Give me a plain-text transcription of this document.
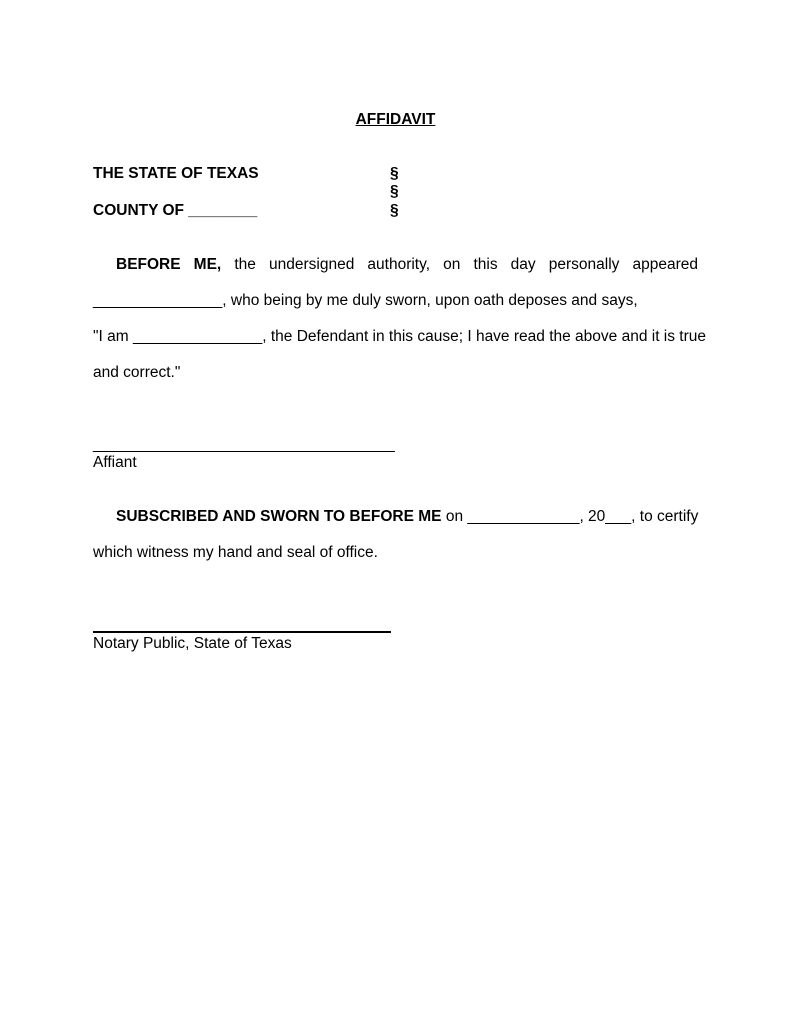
AFFIDAVIT
THE STATE OF TEXAS
COUNTY OF ________
§
§
§
BEFORE ME, the undersigned authority, on this day personally appeared
_______________, who being by me duly sworn, upon oath deposes and says,
"I am _______________, the Defendant in this cause; I have read the above and it is true
and correct."
___________________________________
Affiant
SUBSCRIBED AND SWORN TO BEFORE ME on _____________, 20___, to certify
which witness my hand and seal of office.
Notary Public, State of Texas
